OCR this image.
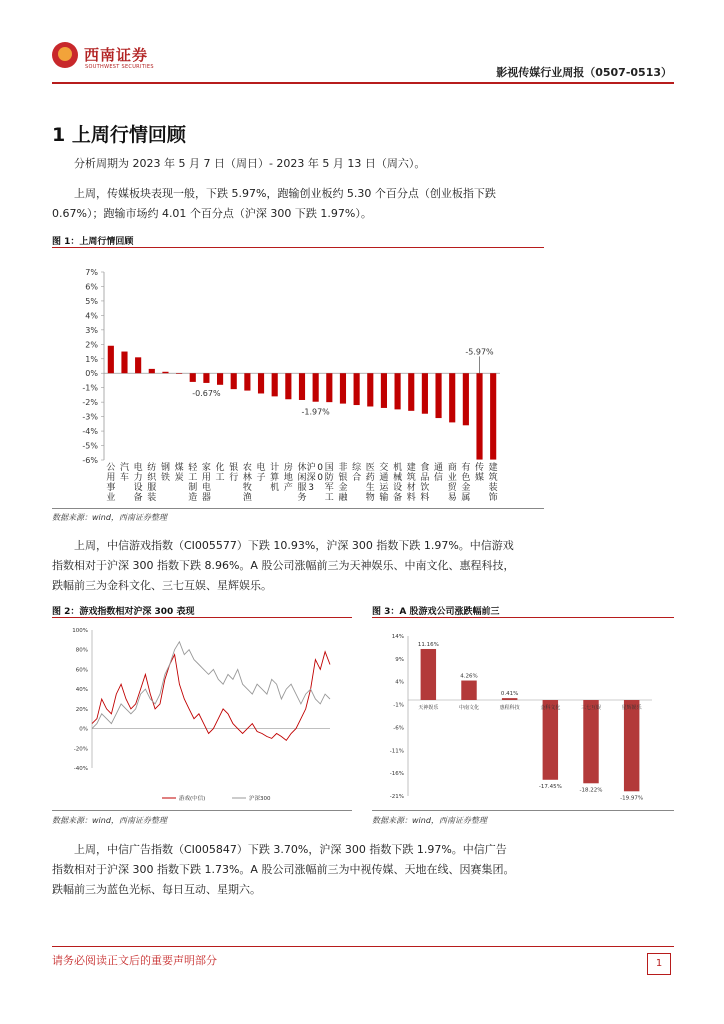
西南证券
SOUTHWEST SECURITIES	影视传媒行业周报（0507-0513）
1 上周行情回顾
分析周期为 2023 年 5 月 7 日（周日）- 2023 年 5 月 13 日（周六）。
上周，传媒板块表现一般，下跌 5.97%，跑输创业板约 5.30 个百分点（创业板指下跌
0.67%）；跑输市场约 4.01 个百分点（沪深 300 下跌 1.97%）。
图 1：上周行情回顾
7%
6%
5%
4%
3%
2%
1%
0%
-1%
-2%
-3%
-4%
-5%
-6%
公用事业
汽车
电力设备
纺织服装
钢铁
煤炭
轻工制造
家用电器
化工
银行
农林牧渔
电子
计算机
房地产
休闲服务
沪深 30 0
国防军工
非银金融
综合
医药生物
交通运输
机械设备
建筑材料
食品饮料
通信
商业贸易
有色金属
传媒
建筑装饰
-0.67%
-1.97%
-5.97%
数据来源：wind，西南证券整理
上周，中信游戏指数（CI005577）下跌 10.93%，沪深 300 指数下跌 1.97%。中信游戏
指数相对于沪深 300 指数下跌 8.96%。A 股公司涨幅前三为天神娱乐、中南文化、惠程科技，
跌幅前三为金科文化、三七互娱、星辉娱乐。
图 2：游戏指数相对沪深 300 表现
100%
80%
60%
40%
20%
0%
-20%
-40%
游戏(中信)	沪深300
数据来源：wind，西南证券整理
图 3：A 股游戏公司涨跌幅前三
14%
9%
4%
-1%
-6%
-11%
-16%
-21%
天神娱乐
11.16%
中南文化
4.26%
惠程科技
0.41%
金科文化
-17.45%
三七互娱
-18.22%
星辉娱乐
-19.97%
数据来源：wind，西南证券整理
上周，中信广告指数（CI005847）下跌 3.70%，沪深 300 指数下跌 1.97%。中信广告
指数相对于沪深 300 指数下跌 1.73%。A 股公司涨幅前三为中视传媒、天地在线、因赛集团。
跌幅前三为蓝色光标、每日互动、星期六。
请务必阅读正文后的重要声明部分	1
